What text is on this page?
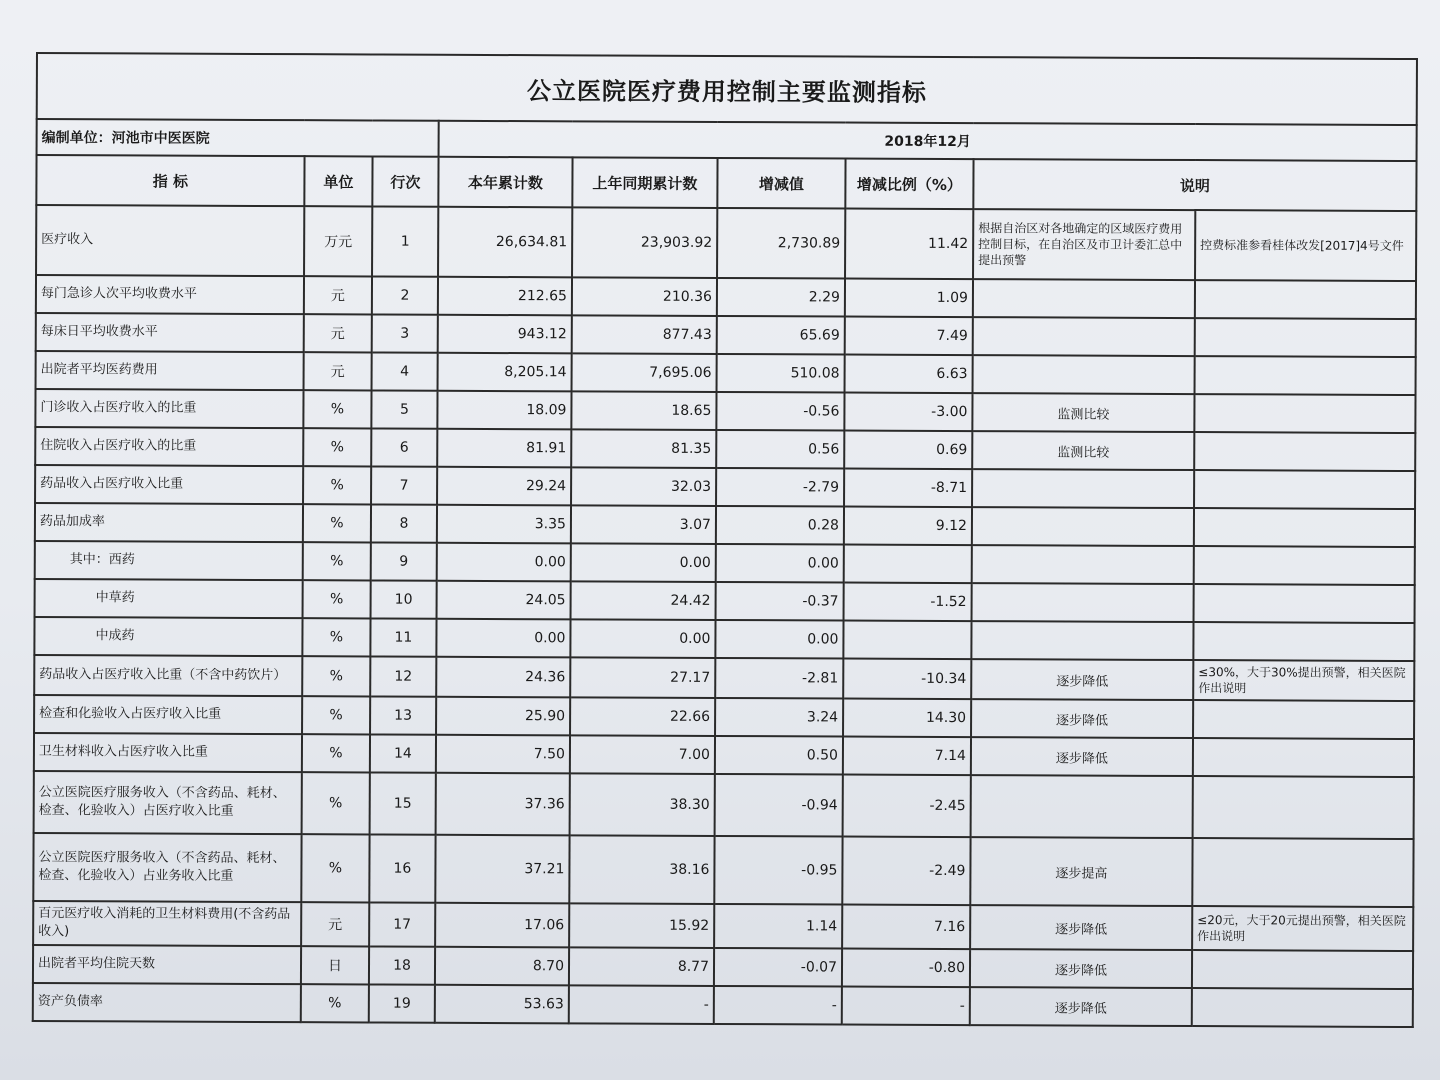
公立医院医疗费用控制主要监测指标								
编制单位：河池市中医医院			2018年12月					
指 标	单位	行次	本年累计数	上年同期累计数	增减值	增减比例（%）	说明	
医疗收入	万元	1	26,634.81	23,903.92	2,730.89	11.42	根据自治区对各地确定的区域医疗费用控制目标，在自治区及市卫计委汇总中提出预警	控费标准参看桂体改发[2017]4号文件
每门急诊人次平均收费水平	元	2	212.65	210.36	2.29	1.09		
每床日平均收费水平	元	3	943.12	877.43	65.69	7.49		
出院者平均医药费用	元	4	8,205.14	7,695.06	510.08	6.63		
门诊收入占医疗收入的比重	%	5	18.09	18.65	-0.56	-3.00	监测比较	
住院收入占医疗收入的比重	%	6	81.91	81.35	0.56	0.69	监测比较	
药品收入占医疗收入比重	%	7	29.24	32.03	-2.79	-8.71		
药品加成率	%	8	3.35	3.07	0.28	9.12		
其中：西药	%	9	0.00	0.00	0.00			
中草药	%	10	24.05	24.42	-0.37	-1.52		
中成药	%	11	0.00	0.00	0.00			
药品收入占医疗收入比重（不含中药饮片）	%	12	24.36	27.17	-2.81	-10.34	逐步降低	≤30%，大于30%提出预警，相关医院作出说明
检查和化验收入占医疗收入比重	%	13	25.90	22.66	3.24	14.30	逐步降低	
卫生材料收入占医疗收入比重	%	14	7.50	7.00	0.50	7.14	逐步降低	
公立医院医疗服务收入（不含药品、耗材、检查、化验收入）占医疗收入比重	%	15	37.36	38.30	-0.94	-2.45		
公立医院医疗服务收入（不含药品、耗材、检查、化验收入）占业务收入比重	%	16	37.21	38.16	-0.95	-2.49	逐步提高	
百元医疗收入消耗的卫生材料费用(不含药品收入)	元	17	17.06	15.92	1.14	7.16	逐步降低	≤20元，大于20元提出预警，相关医院作出说明
出院者平均住院天数	日	18	8.70	8.77	-0.07	-0.80	逐步降低	
资产负债率	%	19	53.63	-	-	-	逐步降低	
